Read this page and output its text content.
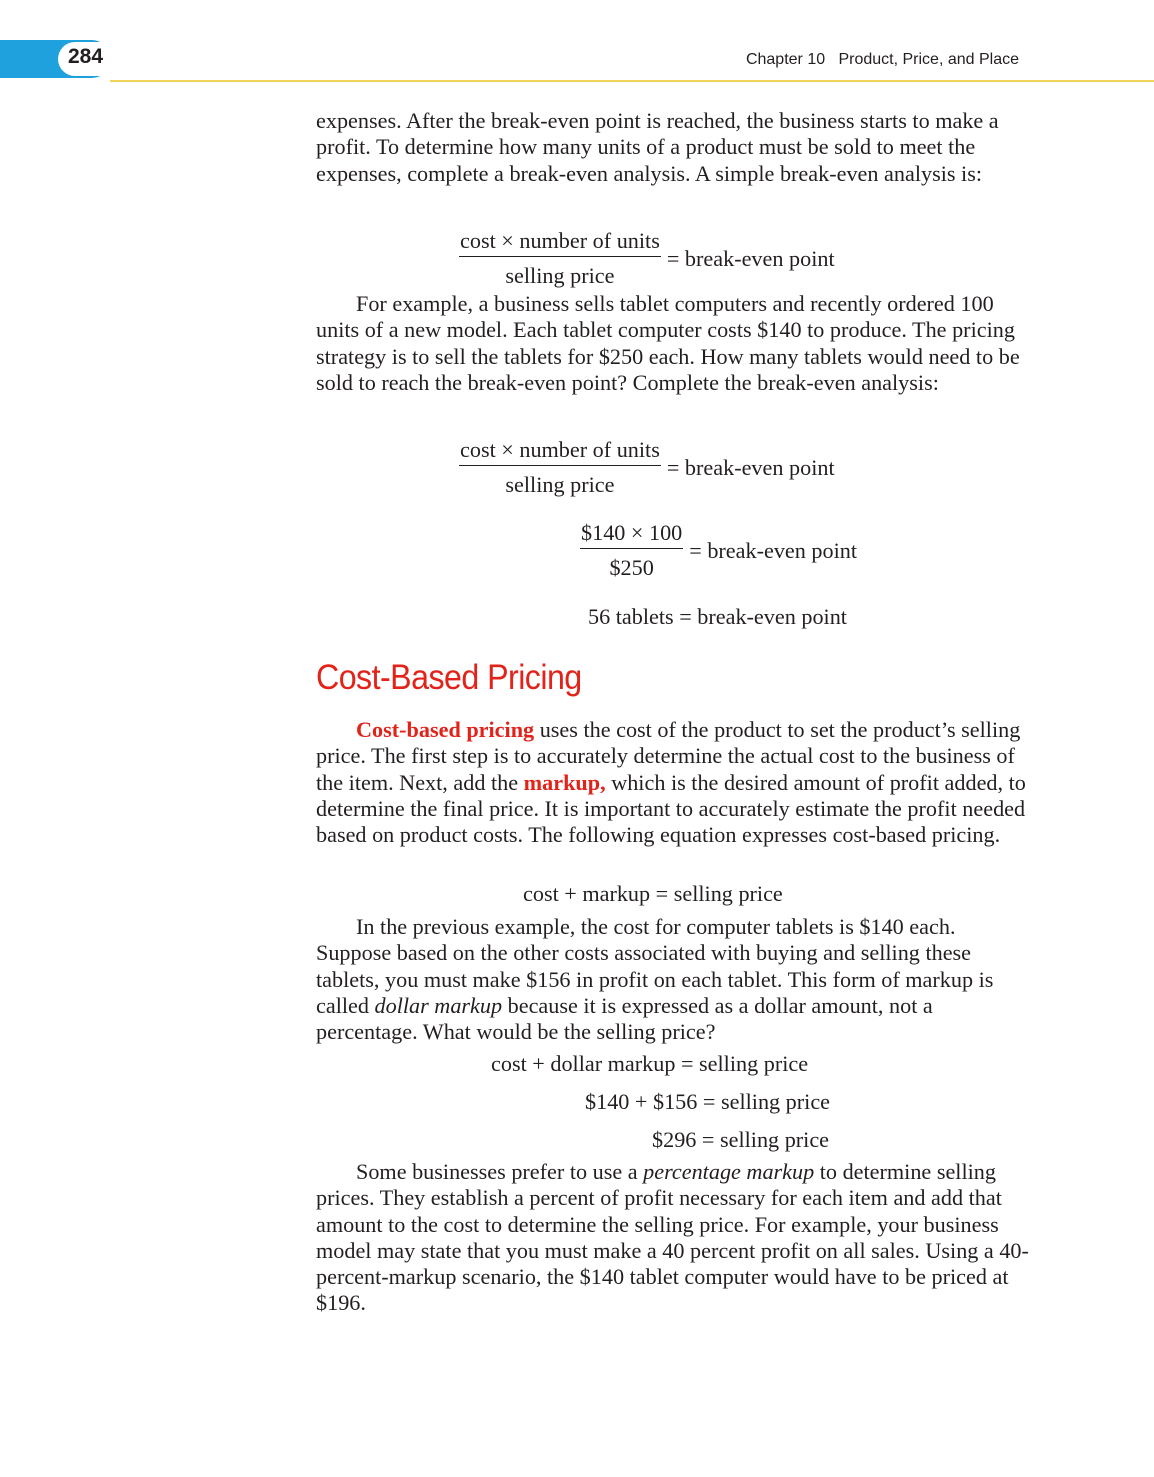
284	Chapter 10   Product, Price, and Place

expenses. After the break-even point is reached, the business starts to make a profit. To determine how many units of a product must be sold to meet the expenses, complete a break-even analysis. A simple break-even analysis is:

$\frac{\text{cost × number of units}}{\text{selling price}}$ = break-even point

For example, a business sells tablet computers and recently ordered 100 units of a new model. Each tablet computer costs $140 to produce. The pricing strategy is to sell the tablets for $250 each. How many tablets would need to be sold to reach the break-even point? Complete the break-even analysis:

$\frac{\text{cost × number of units}}{\text{selling price}}$ = break-even point
$\frac{\$140 \times 100}{\$250}$ = break-even point
56 tablets = break-even point
Cost-Based Pricing

Cost-based pricing uses the cost of the product to set the product’s selling price. The first step is to accurately determine the actual cost to the business of the item. Next, add the markup, which is the desired amount of profit added, to determine the final price. It is important to accurately estimate the profit needed based on product costs. The following equation expresses cost-based pricing.

cost + markup = selling price

In the previous example, the cost for computer tablets is $140 each. Suppose based on the other costs associated with buying and selling these tablets, you must make $156 in profit on each tablet. This form of markup is called dollar markup because it is expressed as a dollar amount, not a percentage. What would be the selling price?

cost + dollar markup = selling price
$140 + $156 = selling price
$296 = selling price

Some businesses prefer to use a percentage markup to determine selling prices. They establish a percent of profit necessary for each item and add that amount to the cost to determine the selling price. For example, your business model may state that you must make a 40 percent profit on all sales. Using a 40-percent-markup scenario, the $140 tablet computer would have to be priced at $196.
